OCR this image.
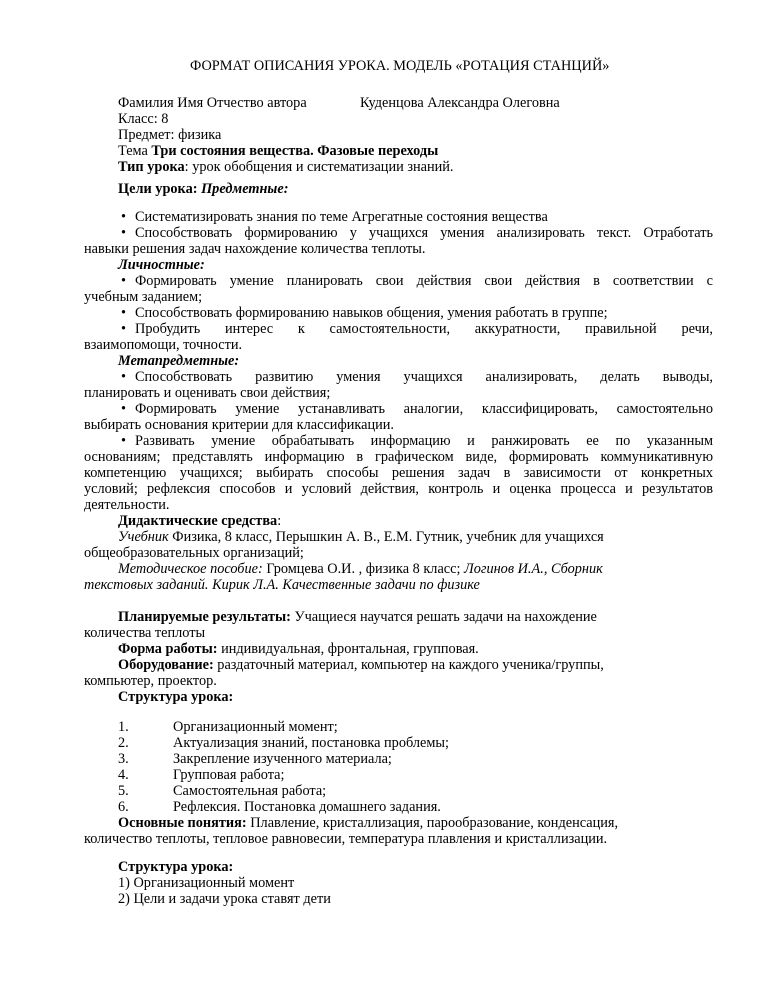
ФОРМАТ ОПИСАНИЯ УРОКА. МОДЕЛЬ «РОТАЦИЯ СТАНЦИЙ»
Фамилия Имя Отчество автора	Куденцова Александра Олеговна
Класс: 8
Предмет: физика
Тема Три состояния вещества. Фазовые переходы
Тип урока: урок обобщения и систематизации знаний.
Цели урока: Предметные:
• Систематизировать знания по теме Агрегатные состояния вещества
• Способствовать формированию у учащихся умения анализировать текст. Отработать
навыки решения задач нахождение количества теплоты.
Личностные:
• Формировать умение планировать свои действия свои действия в соответствии с
учебным заданием;
• Способствовать формированию навыков общения, умения работать в группе;
• Пробудить интерес к самостоятельности, аккуратности, правильной речи,
взаимопомощи, точности.
Метапредметные:
• Способствовать развитию умения учащихся анализировать, делать выводы,
планировать и оценивать свои действия;
• Формировать умение устанавливать аналогии, классифицировать, самостоятельно
выбирать основания критерии для классификации.
• Развивать умение обрабатывать информацию и ранжировать ее по указанным
основаниям; представлять информацию в графическом виде, формировать коммуникативную
компетенцию учащихся; выбирать способы решения задач в зависимости от конкретных
условий; рефлексия способов и условий действия, контроль и оценка процесса и результатов
деятельности.
Дидактические средства:
Учебник Физика, 8 класс, Перышкин А. В., Е.М. Гутник, учебник для учащихся
общеобразовательных организаций;
Методическое пособие: Громцева О.И. , физика 8 класс; Логинов И.А., Сборник
текстовых заданий. Кирик Л.А. Качественные задачи по физике
Планируемые результаты: Учащиеся научатся решать задачи на нахождение
количества теплоты
Форма работы: индивидуальная, фронтальная, групповая.
Оборудование: раздаточный материал, компьютер на каждого ученика/группы,
компьютер, проектор.
Структура урока:
1.	Организационный момент;
2.	Актуализация знаний, постановка проблемы;
3.	Закрепление изученного материала;
4.	Групповая работа;
5.	Самостоятельная работа;
6.	Рефлексия. Постановка домашнего задания.
Основные понятия: Плавление, кристаллизация, парообразование, конденсация,
количество теплоты, тепловое равновесии, температура плавления и кристаллизации.
Структура урока:
1) Организационный момент
2) Цели и задачи урока ставят дети
